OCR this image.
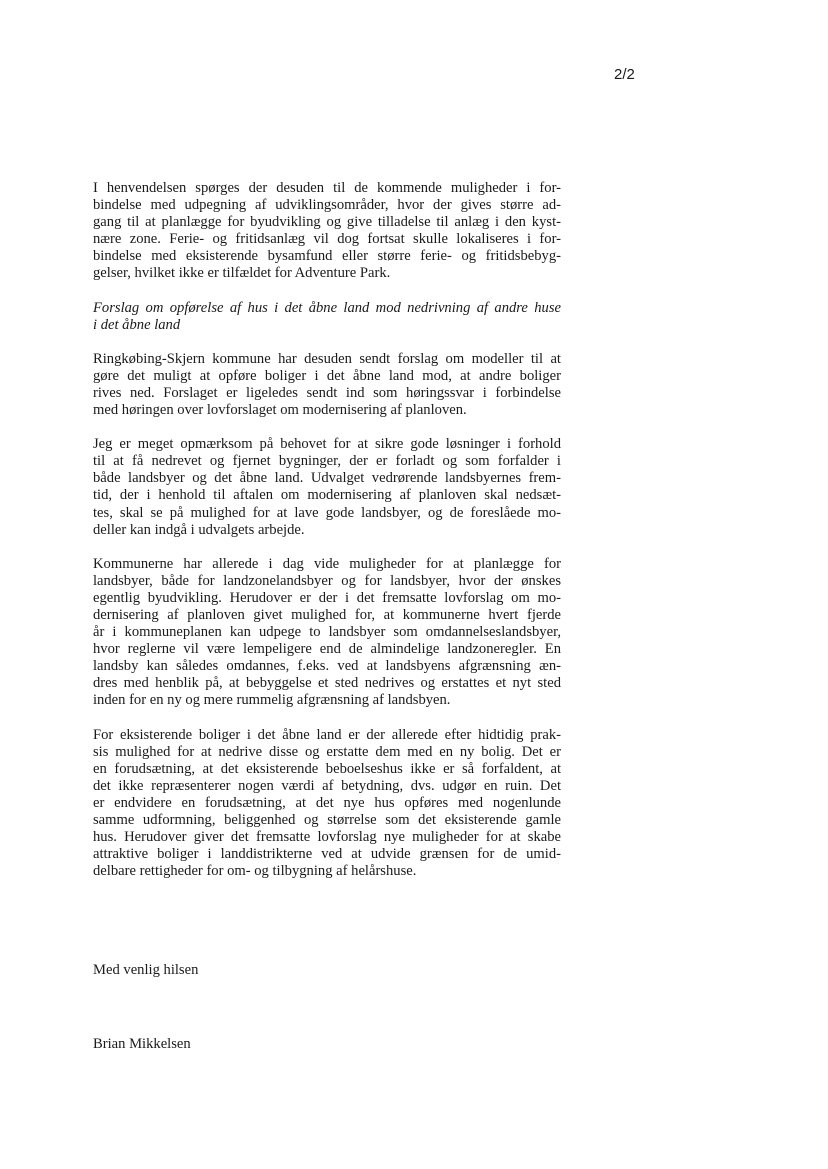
2/2

I henvendelsen spørges der desuden til de kommende muligheder i for-
bindelse med udpegning af udviklingsområder, hvor der gives større ad-
gang til at planlægge for byudvikling og give tilladelse til anlæg i den kyst-
nære zone. Ferie- og fritidsanlæg vil dog fortsat skulle lokaliseres i for-
bindelse med eksisterende bysamfund eller større ferie- og fritidsbebyg-
gelser, hvilket ikke er tilfældet for Adventure Park.

Forslag om opførelse af hus i det åbne land mod nedrivning af andre huse
i det åbne land

Ringkøbing-Skjern kommune har desuden sendt forslag om modeller til at
gøre det muligt at opføre boliger i det åbne land mod, at andre boliger
rives ned. Forslaget er ligeledes sendt ind som høringssvar i forbindelse
med høringen over lovforslaget om modernisering af planloven.

Jeg er meget opmærksom på behovet for at sikre gode løsninger i forhold
til at få nedrevet og fjernet bygninger, der er forladt og som forfalder i
både landsbyer og det åbne land. Udvalget vedrørende landsbyernes frem-
tid, der i henhold til aftalen om modernisering af planloven skal nedsæt-
tes, skal se på mulighed for at lave gode landsbyer, og de foreslåede mo-
deller kan indgå i udvalgets arbejde.

Kommunerne har allerede i dag vide muligheder for at planlægge for
landsbyer, både for landzonelandsbyer og for landsbyer, hvor der ønskes
egentlig byudvikling. Herudover er der i det fremsatte lovforslag om mo-
dernisering af planloven givet mulighed for, at kommunerne hvert fjerde
år i kommuneplanen kan udpege to landsbyer som omdannelseslandsbyer,
hvor reglerne vil være lempeligere end de almindelige landzoneregler. En
landsby kan således omdannes, f.eks. ved at landsbyens afgrænsning æn-
dres med henblik på, at bebyggelse et sted nedrives og erstattes et nyt sted
inden for en ny og mere rummelig afgrænsning af landsbyen.

For eksisterende boliger i det åbne land er der allerede efter hidtidig prak-
sis mulighed for at nedrive disse og erstatte dem med en ny bolig. Det er
en forudsætning, at det eksisterende beboelseshus ikke er så forfaldent, at
det ikke repræsenterer nogen værdi af betydning, dvs. udgør en ruin. Det
er endvidere en forudsætning, at det nye hus opføres med nogenlunde
samme udformning, beliggenhed og størrelse som det eksisterende gamle
hus. Herudover giver det fremsatte lovforslag nye muligheder for at skabe
attraktive boliger i landdistrikterne ved at udvide grænsen for de umid-
delbare rettigheder for om- og tilbygning af helårshuse.

Med venlig hilsen
Brian Mikkelsen
